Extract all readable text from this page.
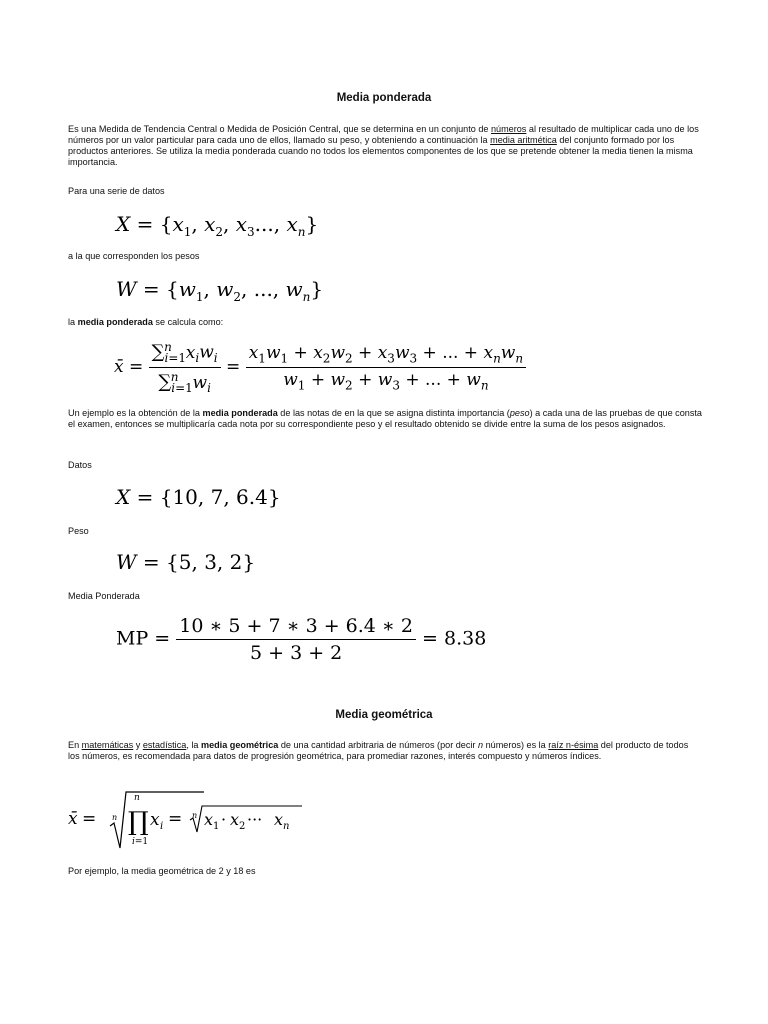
Media ponderada

Es una Medida de Tendencia Central o Medida de Posición Central, que se determina en un conjunto de números al resultado de multiplicar cada uno de los números por un valor particular para cada uno de ellos, llamado su peso, y obteniendo a continuación la media aritmética del conjunto formado por los productos anteriores. Se utiliza la media ponderada cuando no todos los elementos componentes de los que se pretende obtener la media tienen la misma importancia.

Para una serie de datos

$X = \{x_1$, $x_2$, $x_3$..., $x_n$}

a la que corresponden los pesos

$W = \{w_1$, $w_2$, ..., $w_n$}

la media ponderada se calcula como:

x̄ = $\frac{\sum_{i=1}^n x_iw_i}{\sum_{i=1}^n w_i} = \frac{x_1w_1 + x_2w_2 + x_3w_3 + ... + x_nw_n}{w_1 + w_2 + w_3 + ... + w_n}$

Un ejemplo es la obtención de la media ponderada de las notas de en la que se asigna distinta importancia (peso) a cada una de las pruebas de que consta el examen, entonces se multiplicaría cada nota por su correspondiente peso y el resultado obtenido se divide entre la suma de los pesos asignados.

Datos

X = {10, 7, 6.4}

Peso

W = {5, 3, 2}

Media Ponderada

MP = $\frac{10 ∗ 5 + 7 ∗ 3 + 6.4 ∗ 2}{5 + 3 + 2} = 8.38$
Media geométrica

En matemáticas y estadística, la media geométrica de una cantidad arbitraria de números (por decir n números) es la raíz n-ésima del producto de todos los números, es recomendada para datos de progresión geométrica, para promediar razones, interés compuesto y números índices.

x̄ = n
n
∏
i=1
x i = n x 1 · x 2 ··· x n

Por ejemplo, la media geométrica de 2 y 18 es
